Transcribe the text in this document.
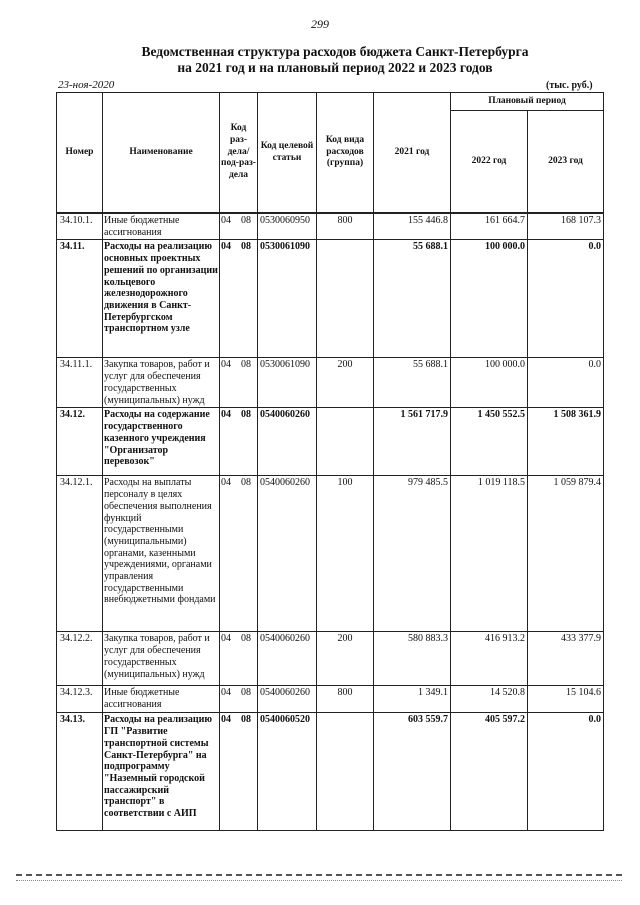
299
Ведомственная структура расходов бюджета Санкт-Петербурга
на 2021 год и на плановый период 2022 и 2023 годов
23-ноя-2020	(тыс. руб.)
Номер	Наименование	Код раз-дела/ под-раз-дела	Код целевой статьи	Код вида расходов (группа)	2021 год	Плановый период	
						2022 год	2023 год

34.10.1.	Иные бюджетные ассигнования	04    08	0530060950	800	155 446.8	161 664.7	168 107.3
34.11.	Расходы на реализацию основных проектных решений по организации кольцевого железнодорожного движения в Санкт-Петербургском транспортном узле	04    08	0530061090		55 688.1	100 000.0	0.0
34.11.1.	Закупка товаров, работ и услуг для обеспечения государственных (муниципальных) нужд	04    08	0530061090	200	55 688.1	100 000.0	0.0
34.12.	Расходы на содержание государственного казенного учреждения "Организатор перевозок"	04    08	0540060260		1 561 717.9	1 450 552.5	1 508 361.9
34.12.1.	Расходы на выплаты персоналу в целях обеспечения выполнения функций государственными (муниципальными) органами, казенными учреждениями, органами управления государственными внебюджетными фондами	04    08	0540060260	100	979 485.5	1 019 118.5	1 059 879.4
34.12.2.	Закупка товаров, работ и услуг для обеспечения государственных (муниципальных) нужд	04    08	0540060260	200	580 883.3	416 913.2	433 377.9
34.12.3.	Иные бюджетные ассигнования	04    08	0540060260	800	1 349.1	14 520.8	15 104.6
34.13.	Расходы на реализацию ГП "Развитие транспортной системы Санкт-Петербурга" на подпрограмму "Наземный городской пассажирский транспорт" в соответствии с АИП	04    08	0540060520		603 559.7	405 597.2	0.0
